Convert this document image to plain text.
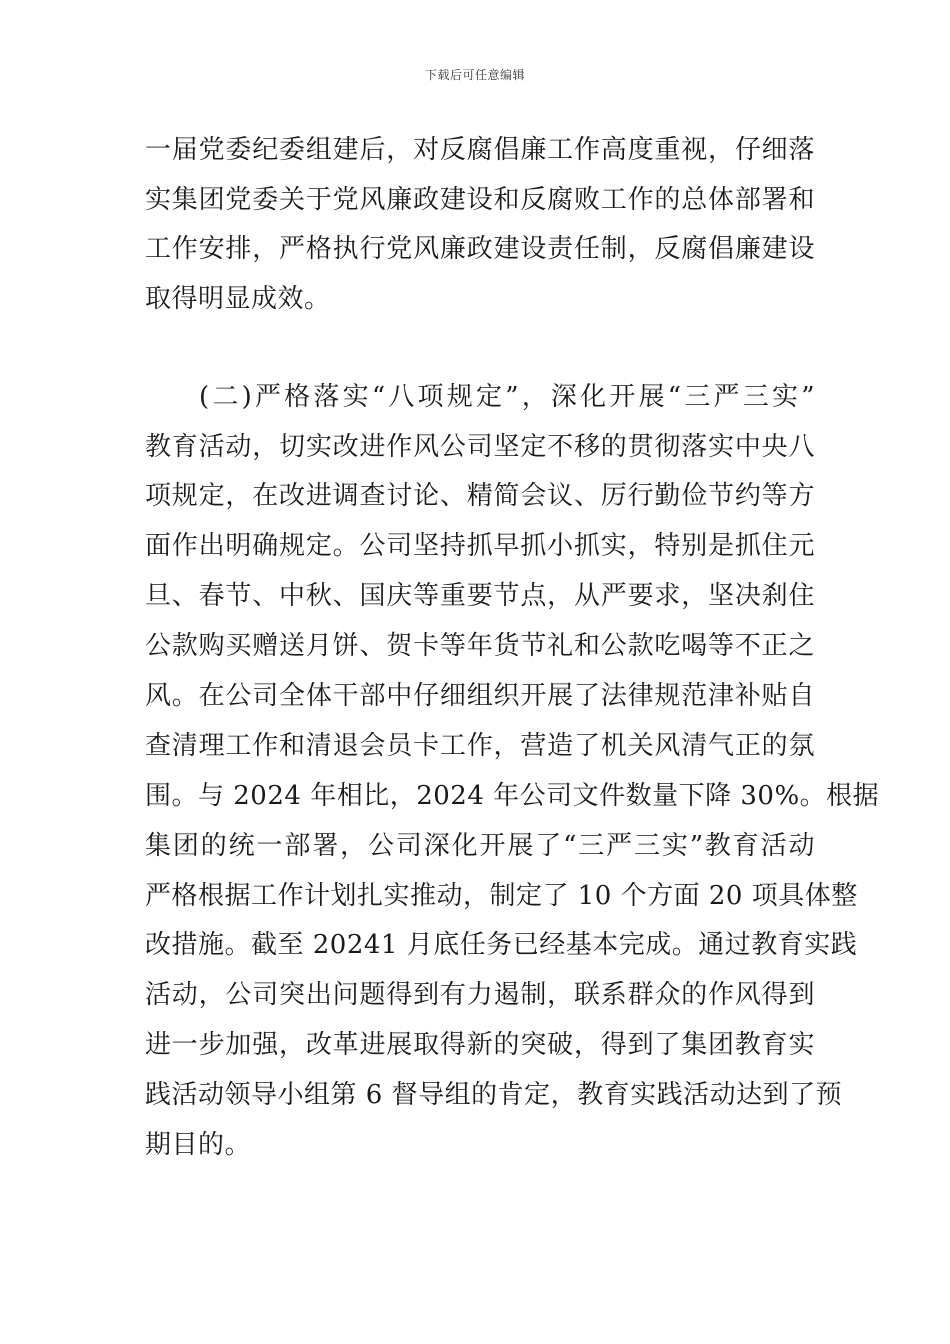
下载后可任意编辑
一届党委纪委组建后，对反腐倡廉工作高度重视，仔细落
实集团党委关于党风廉政建设和反腐败工作的总体部署和
工作安排，严格执行党风廉政建设责任制，反腐倡廉建设
取得明显成效。
(二)严格落实“八项规定”，深化开展“三严三实”
教育活动，切实改进作风公司坚定不移的贯彻落实中央八
项规定，在改进调查讨论、精简会议、厉行勤俭节约等方
面作出明确规定。公司坚持抓早抓小抓实，特别是抓住元
旦、春节、中秋、国庆等重要节点，从严要求，坚决刹住
公款购买赠送月饼、贺卡等年货节礼和公款吃喝等不正之
风。在公司全体干部中仔细组织开展了法律规范津补贴自
查清理工作和清退会员卡工作，营造了机关风清气正的氛
围。与 2024 年相比，2024 年公司文件数量下降 30%。根据
集团的统一部署，公司深化开展了“三严三实”教育活动
严格根据工作计划扎实推动，制定了 10 个方面 20 项具体整
改措施。截至 20241 月底任务已经基本完成。通过教育实践
活动，公司突出问题得到有力遏制，联系群众的作风得到
进一步加强，改革进展取得新的突破，得到了集团教育实
践活动领导小组第 6 督导组的肯定，教育实践活动达到了预
期目的。
